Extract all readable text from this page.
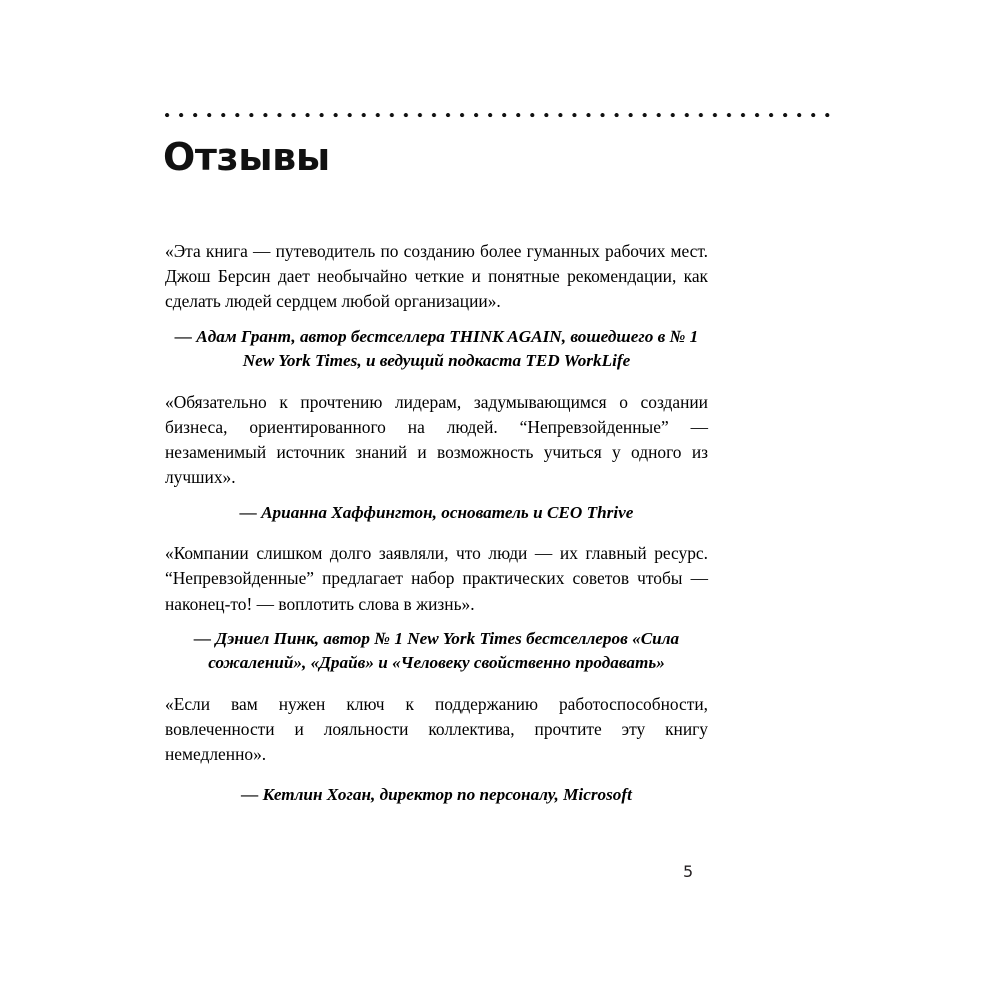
Отзывы

«Эта книга — путеводитель по созданию более гуманных рабочих мест. Джош Берсин дает необычайно четкие и понятные рекомендации, как сделать людей сердцем любой организации».

— Адам Грант, автор бестселлера THINK AGAIN, вошедшего в № 1 New York Times, и ведущий подкаста TED WorkLife

«Обязательно к прочтению лидерам, задумывающимся о создании бизнеса, ориентированного на людей. “Непревзойденные” — незаменимый источник знаний и возможность учиться у одного из лучших».

— Арианна Хаффингтон, основатель и CEO Thrive

«Компании слишком долго заявляли, что люди — их главный ресурс. “Непревзойденные” предлагает набор практических советов чтобы — наконец-то! — воплотить слова в жизнь».

— Дэниел Пинк, автор № 1 New York Times бестселлеров «Сила сожалений», «Драйв» и «Человеку свойственно продавать»

«Если вам нужен ключ к поддержанию работоспособности, вовлеченности и лояльности коллектива, прочтите эту книгу немедленно».

— Кетлин Хоган, директор по персоналу, Microsoft

5
